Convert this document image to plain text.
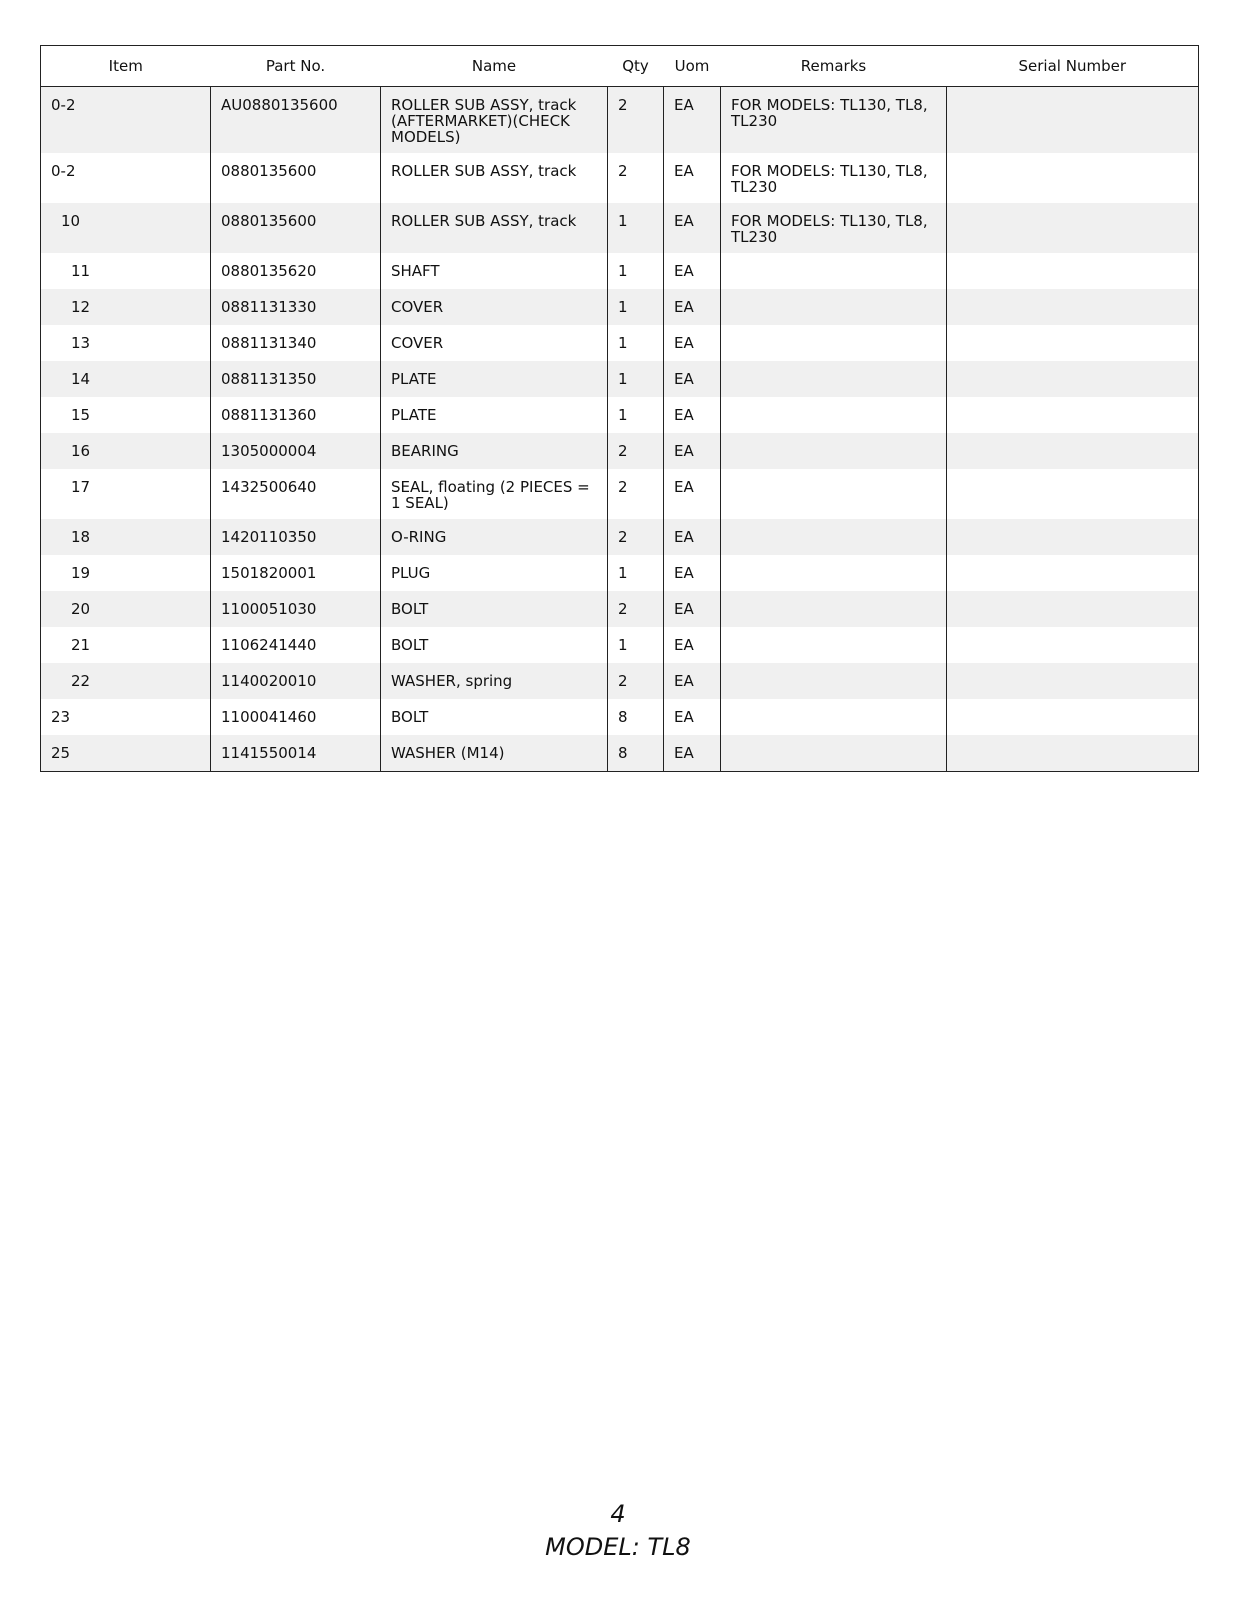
Item	Part No.	Name	Qty	Uom	Remarks	Serial Number
0-2	AU0880135600	ROLLER SUB ASSY, track (AFTERMARKET)(CHECK MODELS)	2	EA	FOR MODELS: TL130, TL8, TL230	
0-2	0880135600	ROLLER SUB ASSY, track	2	EA	FOR MODELS: TL130, TL8, TL230	
10	0880135600	ROLLER SUB ASSY, track	1	EA	FOR MODELS: TL130, TL8, TL230	
11	0880135620	SHAFT	1	EA		
12	0881131330	COVER	1	EA		
13	0881131340	COVER	1	EA		
14	0881131350	PLATE	1	EA		
15	0881131360	PLATE	1	EA		
16	1305000004	BEARING	2	EA		
17	1432500640	SEAL, floating (2 PIECES = 1 SEAL)	2	EA		
18	1420110350	O-RING	2	EA		
19	1501820001	PLUG	1	EA		
20	1100051030	BOLT	2	EA		
21	1106241440	BOLT	1	EA		
22	1140020010	WASHER, spring	2	EA		
23	1100041460	BOLT	8	EA		
25	1141550014	WASHER (M14)	8	EA		
4
MODEL: TL8
